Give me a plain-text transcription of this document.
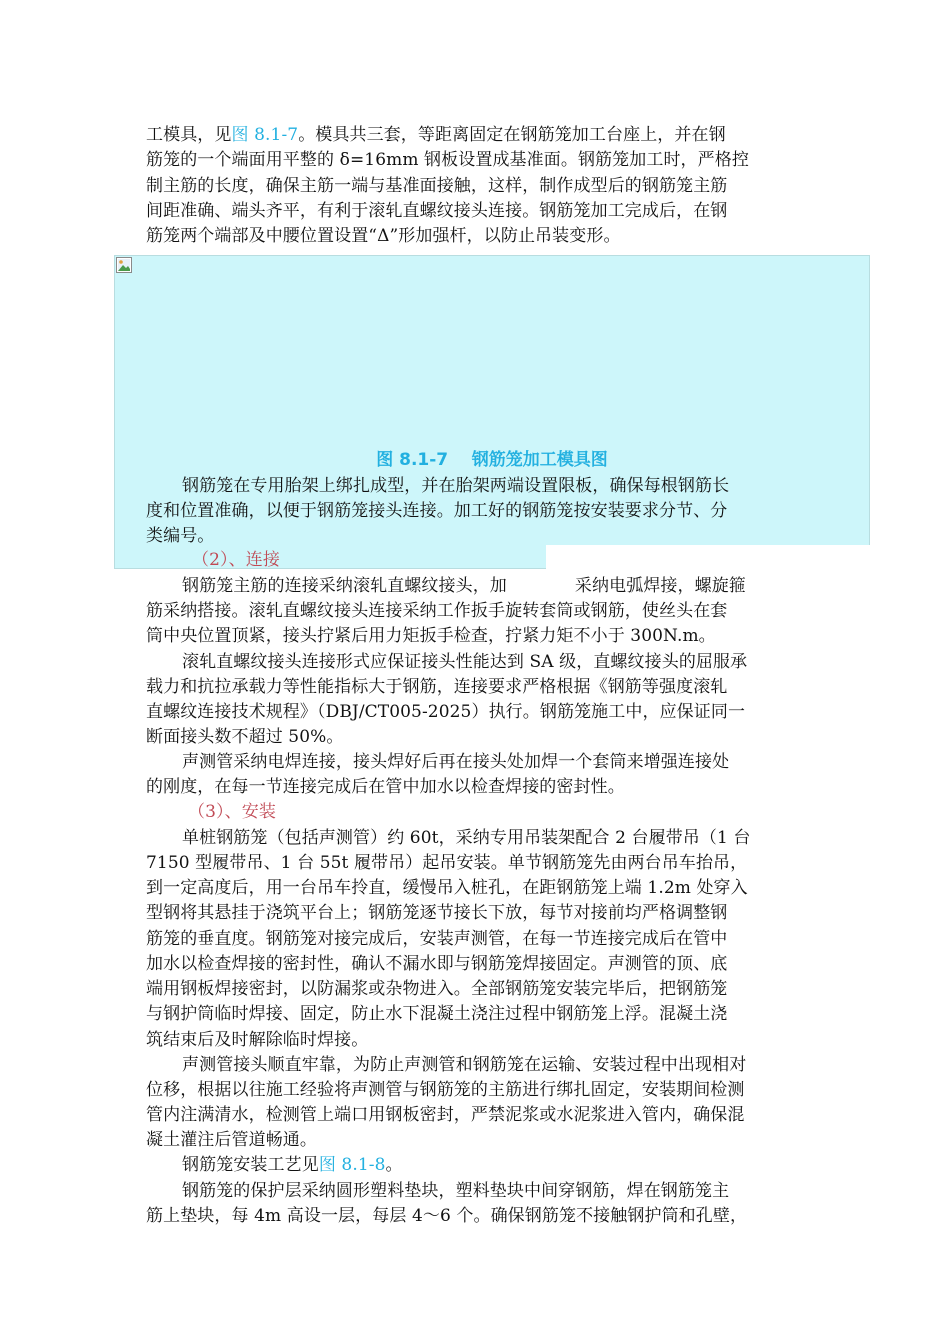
工模具，见图 8.1-7。模具共三套，等距离固定在钢筋笼加工台座上，并在钢
筋笼的一个端面用平整的 δ=16mm 钢板设置成基准面。钢筋笼加工时，严格控
制主筋的长度，确保主筋一端与基准面接触，这样，制作成型后的钢筋笼主筋
间距准确、端头齐平，有利于滚轧直螺纹接头连接。钢筋笼加工完成后，在钢
筋笼两个端部及中腰位置设置“Δ”形加强杆，以防止吊装变形。
图 8.1-7    钢筋笼加工模具图
钢筋笼在专用胎架上绑扎成型，并在胎架两端设置限板，确保每根钢筋长
度和位置准确，以便于钢筋笼接头连接。加工好的钢筋笼按安装要求分节、分
类编号。
（2）、连接
钢筋笼主筋的连接采纳滚轧直螺纹接头，加	采纳电弧焊接，螺旋箍
筋采纳搭接。滚轧直螺纹接头连接采纳工作扳手旋转套筒或钢筋，使丝头在套
筒中央位置顶紧，接头拧紧后用力矩扳手检查，拧紧力矩不小于 300N.m。
滚轧直螺纹接头连接形式应保证接头性能达到 SA 级，直螺纹接头的屈服承
载力和抗拉承载力等性能指标大于钢筋，连接要求严格根据《钢筋等强度滚轧
直螺纹连接技术规程》（DBJ/CT005-2025）执行。钢筋笼施工中，应保证同一
断面接头数不超过 50%。
声测管采纳电焊连接，接头焊好后再在接头处加焊一个套筒来增强连接处
的刚度，在每一节连接完成后在管中加水以检查焊接的密封性。
（3）、安装
单桩钢筋笼（包括声测管）约 60t，采纳专用吊装架配合 2 台履带吊（1 台
7150 型履带吊、1 台 55t 履带吊）起吊安装。单节钢筋笼先由两台吊车抬吊，
到一定高度后，用一台吊车拎直，缓慢吊入桩孔，在距钢筋笼上端 1.2m 处穿入
型钢将其悬挂于浇筑平台上；钢筋笼逐节接长下放，每节对接前均严格调整钢
筋笼的垂直度。钢筋笼对接完成后，安装声测管，在每一节连接完成后在管中
加水以检查焊接的密封性，确认不漏水即与钢筋笼焊接固定。声测管的顶、底
端用钢板焊接密封，以防漏浆或杂物进入。全部钢筋笼安装完毕后，把钢筋笼
与钢护筒临时焊接、固定，防止水下混凝土浇注过程中钢筋笼上浮。混凝土浇
筑结束后及时解除临时焊接。
声测管接头顺直牢靠，为防止声测管和钢筋笼在运输、安装过程中出现相对
位移，根据以往施工经验将声测管与钢筋笼的主筋进行绑扎固定，安装期间检测
管内注满清水，检测管上端口用钢板密封，严禁泥浆或水泥浆进入管内，确保混
凝土灌注后管道畅通。
钢筋笼安装工艺见图 8.1-8。
钢筋笼的保护层采纳圆形塑料垫块，塑料垫块中间穿钢筋，焊在钢筋笼主
筋上垫块，每 4m 高设一层，每层 4～6 个。确保钢筋笼不接触钢护筒和孔壁，
